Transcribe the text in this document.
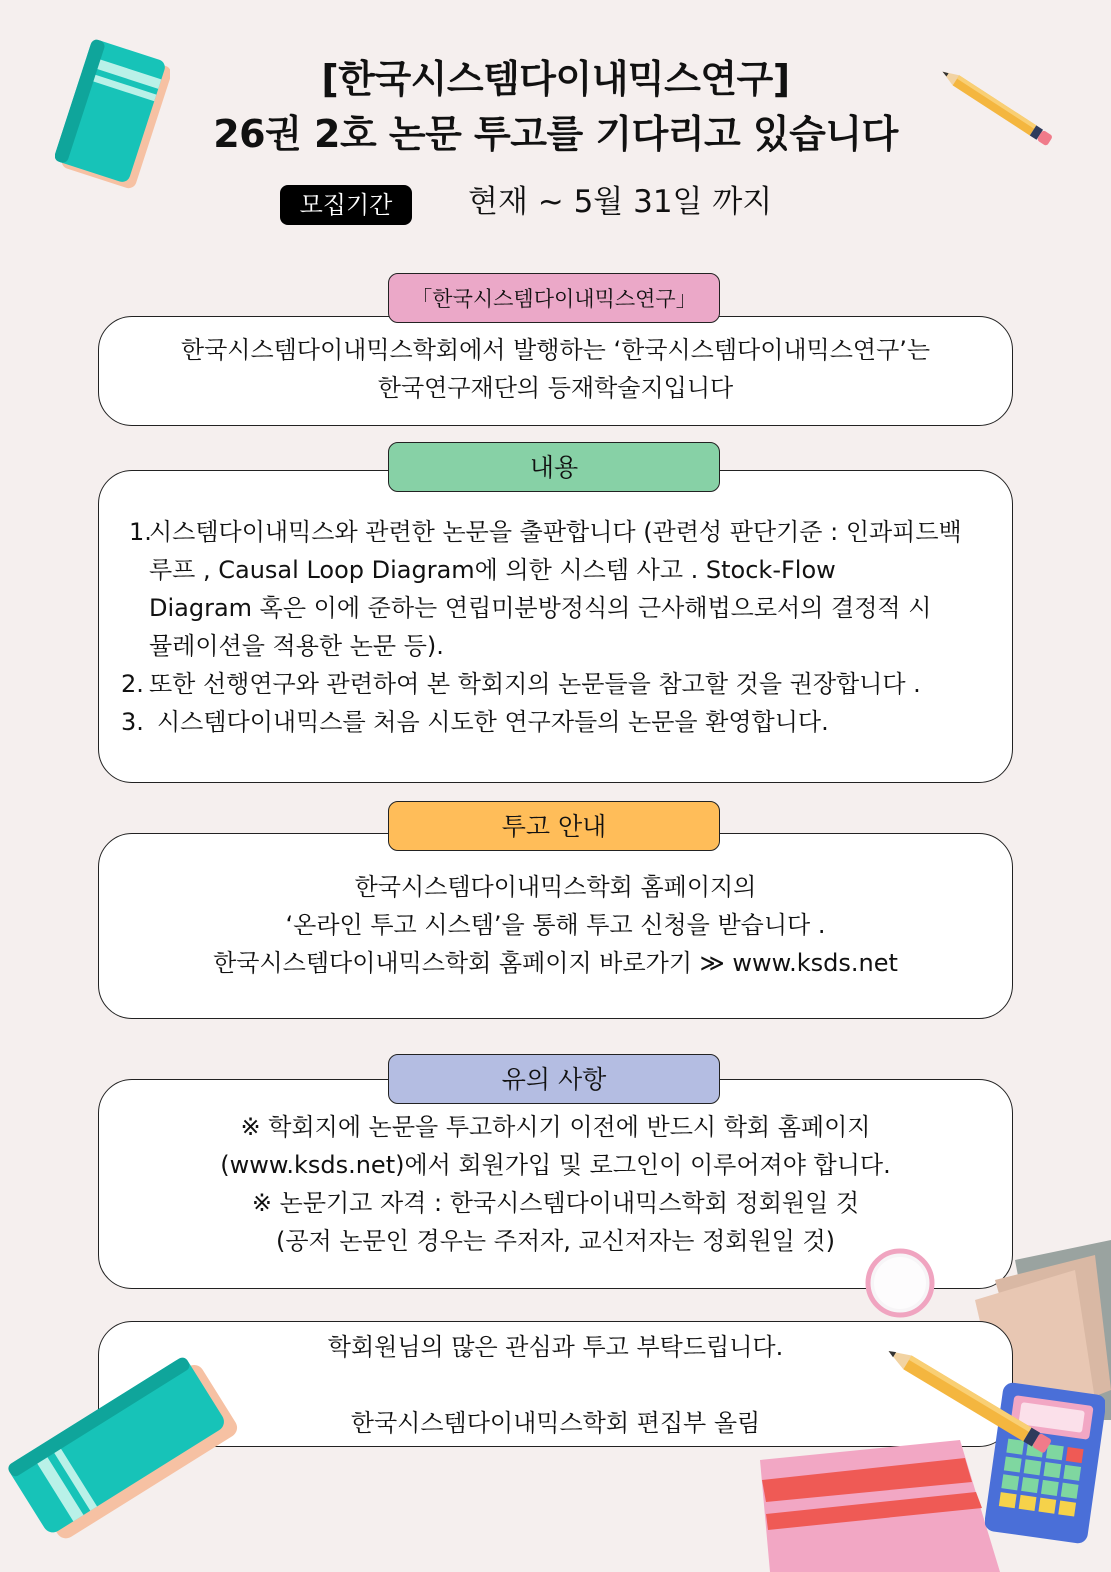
[한국시스템다이내믹스연구]
26권 2호 논문 투고를 기다리고 있습니다
모집기간	현재 ~ 5월 31일 까지
한국시스템다이내믹스학회에서 발행하는 ‘한국시스템다이내믹스연구’는
한국연구재단의 등재학술지입니다
「한국시스템다이내믹스연구」
1.
시스템다이내믹스와 관련한 논문을 출판합니다 (관련성 판단기준 : 인과피드백
루프 , Causal Loop Diagram에 의한 시스템 사고 . Stock-Flow
Diagram 혹은 이에 준하는 연립미분방정식의 근사해법으로서의 결정적 시
뮬레이션을 적용한 논문 등).
2. 또한 선행연구와 관련하여 본 학회지의 논문들을 참고할 것을 권장합니다 .
3. 시스템다이내믹스를 처음 시도한 연구자들의 논문을 환영합니다.
내용
한국시스템다이내믹스학회 홈페이지의
‘온라인 투고 시스템’을 통해 투고 신청을 받습니다 .
한국시스템다이내믹스학회 홈페이지 바로가기 ≫ www.ksds.net
투고 안내
※ 학회지에 논문을 투고하시기 이전에 반드시 학회 홈페이지
(www.ksds.net)에서 회원가입 및 로그인이 이루어져야 합니다.
※ 논문기고 자격 : 한국시스템다이내믹스학회 정회원일 것
(공저 논문인 경우는 주저자, 교신저자는 정회원일 것)
유의 사항
학회원님의 많은 관심과 투고 부탁드립니다.
한국시스템다이내믹스학회 편집부 올림
